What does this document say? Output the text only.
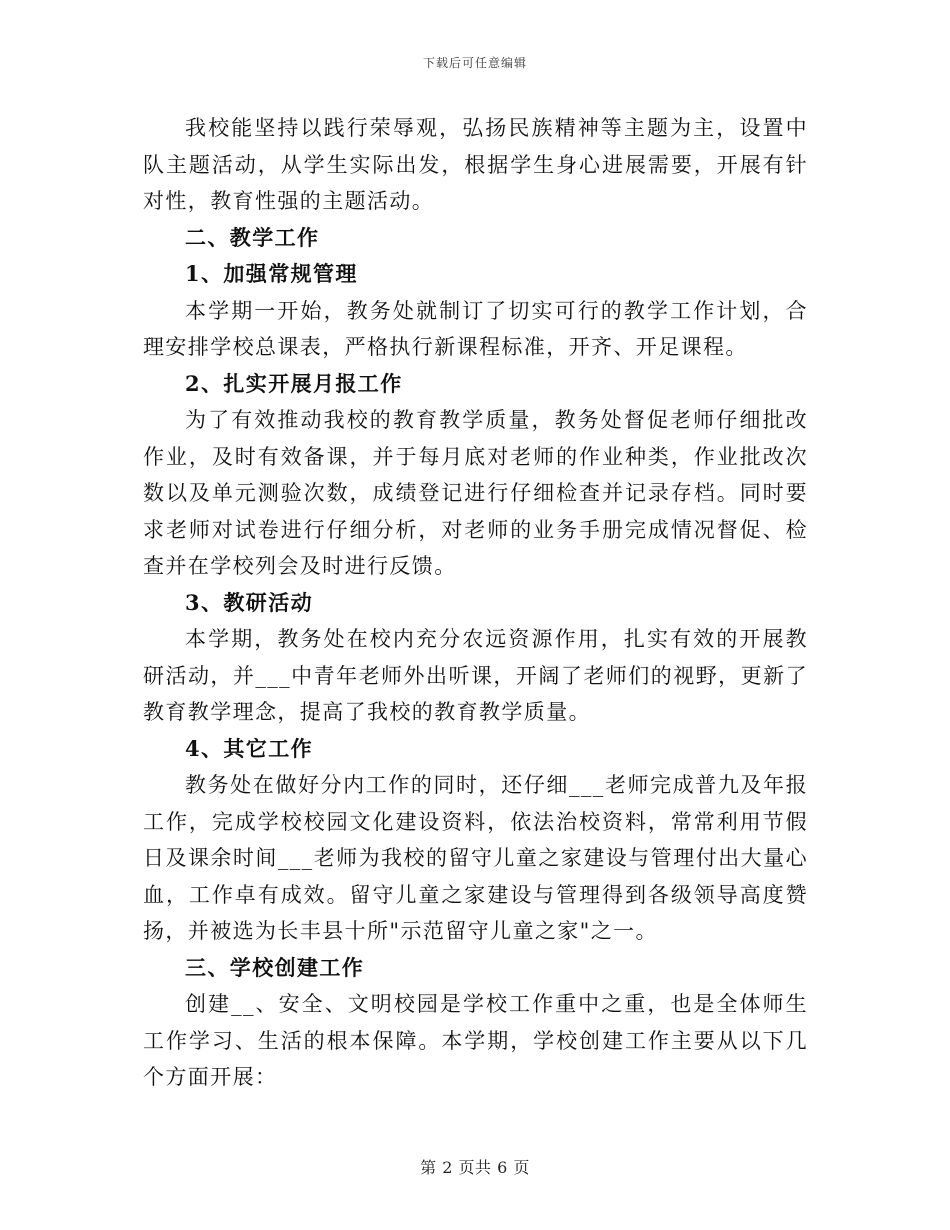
下载后可任意编辑

我校能坚持以践行荣辱观，弘扬民族精神等主题为主，设置中队主题活动，从学生实际出发，根据学生身心进展需要，开展有针对性，教育性强的主题活动。

二、教学工作

1、加强常规管理

本学期一开始，教务处就制订了切实可行的教学工作计划，合理安排学校总课表，严格执行新课程标准，开齐、开足课程。

2、扎实开展月报工作

为了有效推动我校的教育教学质量，教务处督促老师仔细批改作业，及时有效备课，并于每月底对老师的作业种类，作业批改次数以及单元测验次数，成绩登记进行仔细检查并记录存档。同时要求老师对试卷进行仔细分析，对老师的业务手册完成情况督促、检查并在学校列会及时进行反馈。

3、教研活动

本学期，教务处在校内充分农远资源作用，扎实有效的开展教研活动，并___中青年老师外出听课，开阔了老师们的视野，更新了教育教学理念，提高了我校的教育教学质量。

4、其它工作

教务处在做好分内工作的同时，还仔细___老师完成普九及年报工作，完成学校校园文化建设资料，依法治校资料，常常利用节假日及课余时间___老师为我校的留守儿童之家建设与管理付出大量心血，工作卓有成效。留守儿童之家建设与管理得到各级领导高度赞扬，并被选为长丰县十所"示范留守儿童之家"之一。

三、学校创建工作

创建__、安全、文明校园是学校工作重中之重，也是全体师生工作学习、生活的根本保障。本学期，学校创建工作主要从以下几个方面开展：

第 2 页共 6 页
